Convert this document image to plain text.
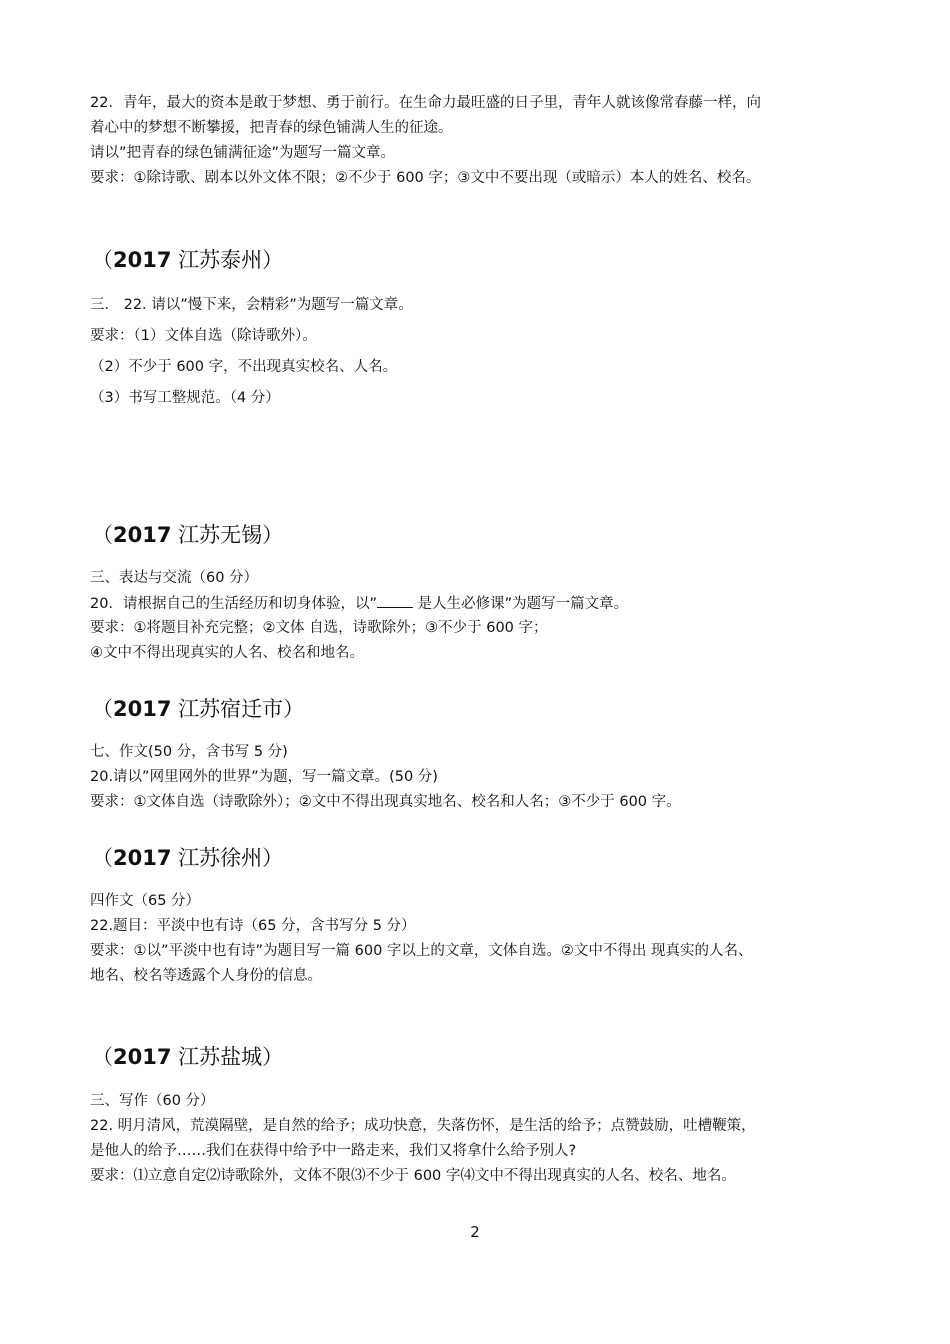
22．青年，最大的资本是敢于梦想、勇于前行。在生命力最旺盛的日子里，青年人就该像常春藤一样，向
着心中的梦想不断攀援，把青春的绿色铺满人生的征途。
请以”把青春的绿色铺满征途”为题写一篇文章。
要求：①除诗歌、剧本以外文体不限；②不少于 600 字；③文中不要出现（或暗示）本人的姓名、校名。
（2017 江苏泰州）
三． 22. 请以”慢下来，会精彩”为题写一篇文章。
要求：（1）文体自选（除诗歌外）。
（2）不少于 600 字，不出现真实校名、人名。
（3）书写工整规范。（4 分）
（2017 江苏无锡）
三、表达与交流（60 分）
20．请根据自己的生活经历和切身体验，以”	是人生必修课”为题写一篇文章。
要求：①将题目补充完整；②文体 自选，诗歌除外；③不少于 600 字；
④文中不得出现真实的人名、校名和地名。
（2017 江苏宿迁市）
七、作文(50 分，含书写 5 分)
20.请以”网里网外的世界”为题，写一篇文章。(50 分)
要求：①文体自选（诗歌除外）；②文中不得出现真实地名、校名和人名；③不少于 600 字。
（2017 江苏徐州）
四作文（65 分）
22.题目：平淡中也有诗（65 分，含书写分 5 分）
要求：①以”平淡中也有诗”为题目写一篇 600 字以上的文章，文体自选。②文中不得出 现真实的人名、
地名、校名等透露个人身份的信息。
（2017 江苏盐城）
三、写作（60 分）
22. 明月清风，荒漠隔壁，是自然的给予；成功快意，失落伤怀，是生活的给予；点赞鼓励，吐槽鞭策，
是他人的给予……我们在获得中给予中一路走来，我们又将拿什么给予别人?
要求：⑴立意自定⑵诗歌除外，文体不限⑶不少于 600 字⑷文中不得出现真实的人名、校名、地名。
2
